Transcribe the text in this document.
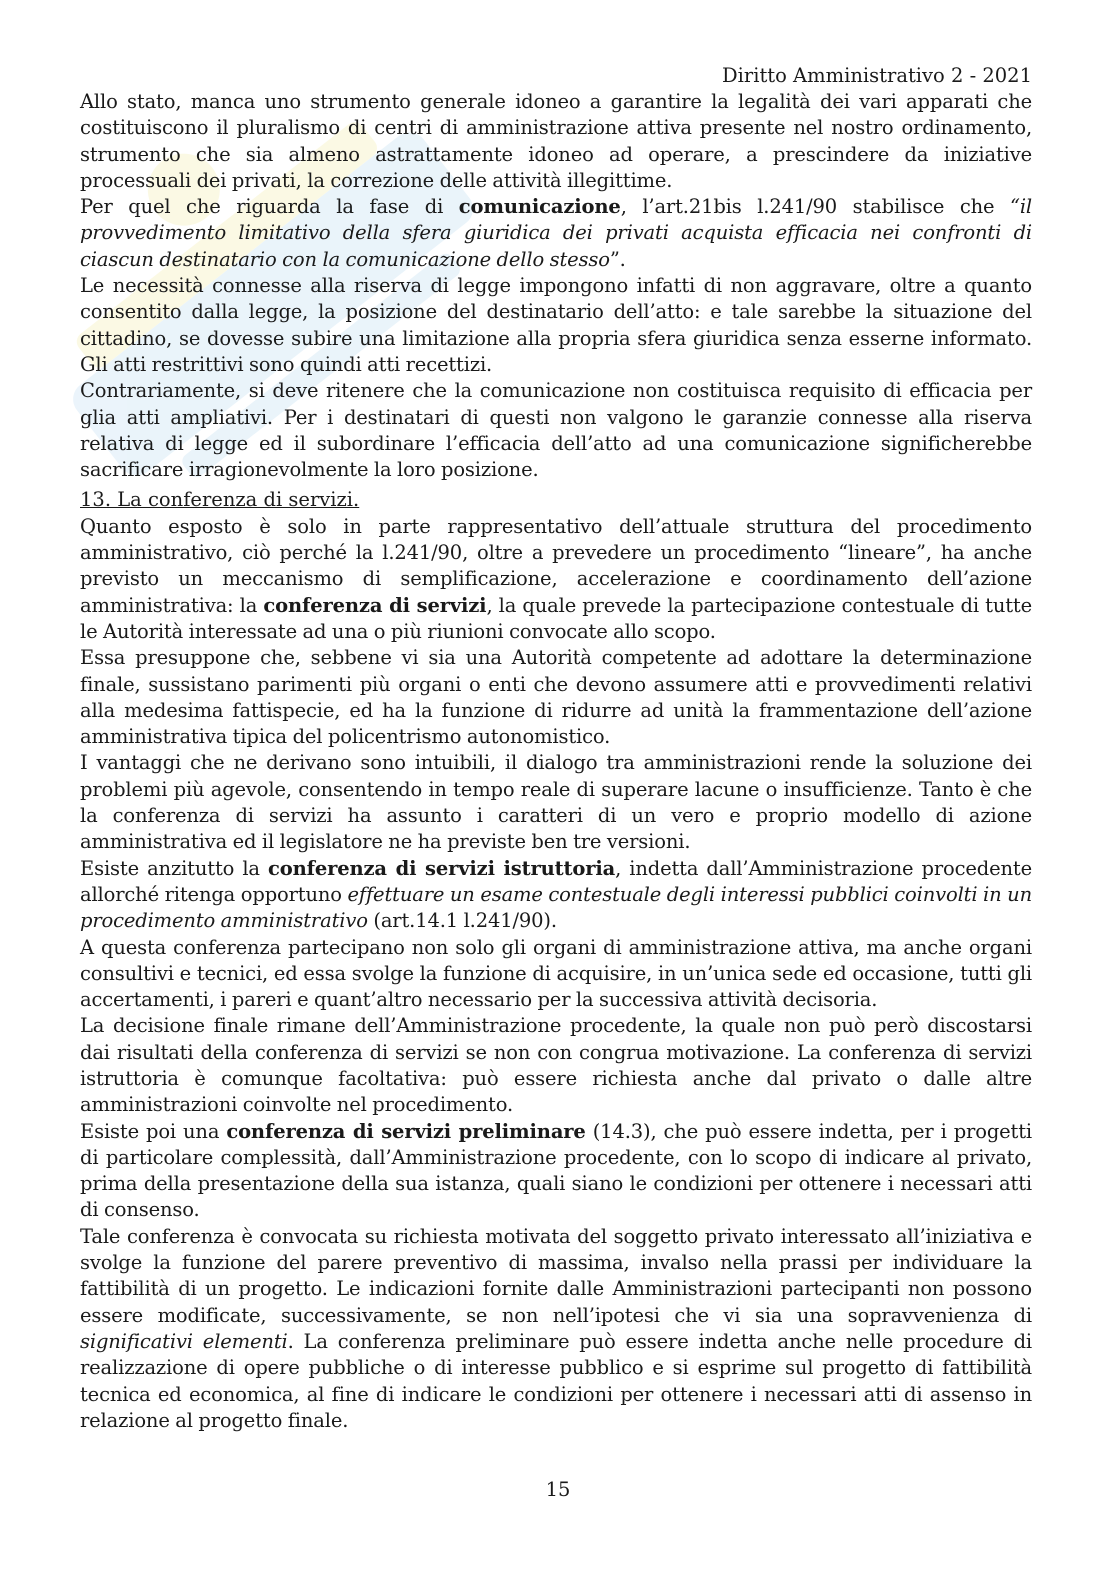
Diritto Amministrativo 2 - 2021

Allo stato, manca uno strumento generale idoneo a garantire la legalità dei vari apparati che costituiscono il pluralismo di centri di amministrazione attiva presente nel nostro ordinamento, strumento che sia almeno astrattamente idoneo ad operare, a prescindere da iniziative processuali dei privati, la correzione delle attività illegittime.

Per quel che riguarda la fase di comunicazione, l’art.21bis l.241/90 stabilisce che “il provvedimento limitativo della sfera giuridica dei privati acquista efficacia nei confronti di ciascun destinatario con la comunicazione dello stesso”.

Le necessità connesse alla riserva di legge impongono infatti di non aggravare, oltre a quanto consentito dalla legge, la posizione del destinatario dell’atto: e tale sarebbe la situazione del cittadino, se dovesse subire una limitazione alla propria sfera giuridica senza esserne informato. Gli atti restrittivi sono quindi atti recettizi.

Contrariamente, si deve ritenere che la comunicazione non costituisca requisito di efficacia per glia atti ampliativi. Per i destinatari di questi non valgono le garanzie connesse alla riserva relativa di legge ed il subordinare l’efficacia dell’atto ad una comunicazione significherebbe sacrificare irragionevolmente la loro posizione.

13. La conferenza di servizi.

Quanto esposto è solo in parte rappresentativo dell’attuale struttura del procedimento amministrativo, ciò perché la l.241/90, oltre a prevedere un procedimento “lineare”, ha anche previsto un meccanismo di semplificazione, accelerazione e coordinamento dell’azione amministrativa: la conferenza di servizi, la quale prevede la partecipazione contestuale di tutte le Autorità interessate ad una o più riunioni convocate allo scopo.

Essa presuppone che, sebbene vi sia una Autorità competente ad adottare la determinazione finale, sussistano parimenti più organi o enti che devono assumere atti e provvedimenti relativi alla medesima fattispecie, ed ha la funzione di ridurre ad unità la frammentazione dell’azione amministrativa tipica del policentrismo autonomistico.

I vantaggi che ne derivano sono intuibili, il dialogo tra amministrazioni rende la soluzione dei problemi più agevole, consentendo in tempo reale di superare lacune o insufficienze. Tanto è che la conferenza di servizi ha assunto i caratteri di un vero e proprio modello di azione amministrativa ed il legislatore ne ha previste ben tre versioni.

Esiste anzitutto la conferenza di servizi istruttoria, indetta dall’Amministrazione procedente allorché ritenga opportuno effettuare un esame contestuale degli interessi pubblici coinvolti in un procedimento amministrativo (art.14.1 l.241/90).

A questa conferenza partecipano non solo gli organi di amministrazione attiva, ma anche organi consultivi e tecnici, ed essa svolge la funzione di acquisire, in un’unica sede ed occasione, tutti gli accertamenti, i pareri e quant’altro necessario per la successiva attività decisoria.

La decisione finale rimane dell’Amministrazione procedente, la quale non può però discostarsi dai risultati della conferenza di servizi se non con congrua motivazione. La conferenza di servizi istruttoria è comunque facoltativa: può essere richiesta anche dal privato o dalle altre amministrazioni coinvolte nel procedimento.

Esiste poi una conferenza di servizi preliminare (14.3), che può essere indetta, per i progetti di particolare complessità, dall’Amministrazione procedente, con lo scopo di indicare al privato, prima della presentazione della sua istanza, quali siano le condizioni per ottenere i necessari atti di consenso.

Tale conferenza è convocata su richiesta motivata del soggetto privato interessato all’iniziativa e svolge la funzione del parere preventivo di massima, invalso nella prassi per individuare la fattibilità di un progetto. Le indicazioni fornite dalle Amministrazioni partecipanti non possono essere modificate, successivamente, se non nell’ipotesi che vi sia una sopravvenienza di significativi elementi. La conferenza preliminare può essere indetta anche nelle procedure di realizzazione di opere pubbliche o di interesse pubblico e si esprime sul progetto di fattibilità tecnica ed economica, al fine di indicare le condizioni per ottenere i necessari atti di assenso in relazione al progetto finale.

15
